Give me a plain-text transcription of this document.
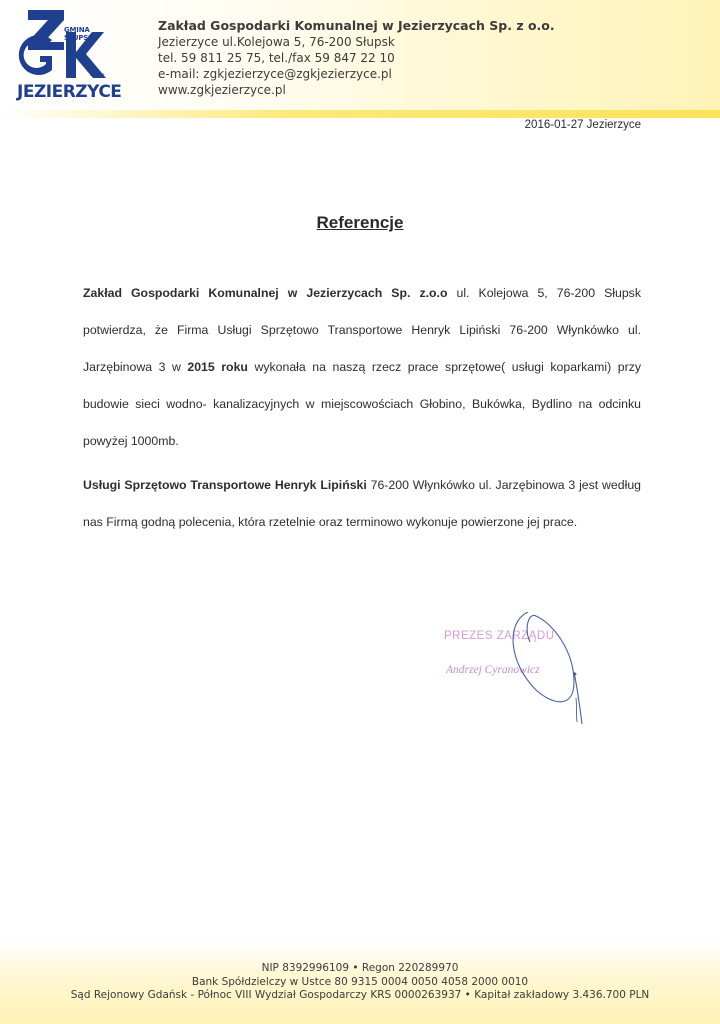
GMINA SŁUPSK
spaaaa
JEZIERZYCE
Zakład Gospodarki Komunalnej w Jezierzycach Sp. z o.o.
Jezierzyce ul.Kolejowa 5, 76-200 Słupsk
tel. 59 811 25 75, tel./fax 59 847 22 10
e-mail: zgkjezierzyce@zgkjezierzyce.pl
www.zgkjezierzyce.pl
2016-01-27 Jezierzyce
Referencje
Zakład Gospodarki Komunalnej w Jezierzycach Sp. z.o.o ul. Kolejowa 5, 76-200 Słupsk potwierdza, że Firma Usługi Sprzętowo Transportowe Henryk Lipiński 76-200 Włynkówko ul. Jarzębinowa 3 w 2015 roku wykonała na naszą rzecz prace sprzętowe( usługi koparkami) przy budowie sieci wodno- kanalizacyjnych w miejscowościach Głobino, Bukówka, Bydlino na odcinku powyżej 1000mb.
Usługi Sprzętowo Transportowe Henryk Lipiński 76-200 Włynkówko ul. Jarzębinowa 3 jest według nas Firmą godną polecenia, która rzetelnie oraz terminowo wykonuje powierzone jej prace.
PREZES ZARZĄDU
Andrzej Cyranowicz
NIP 8392996109 • Regon 220289970
Bank Spółdzielczy w Ustce 80 9315 0004 0050 4058 2000 0010
Sąd Rejonowy Gdańsk - Północ VIII Wydział Gospodarczy KRS 0000263937 • Kapitał zakładowy 3.436.700 PLN
